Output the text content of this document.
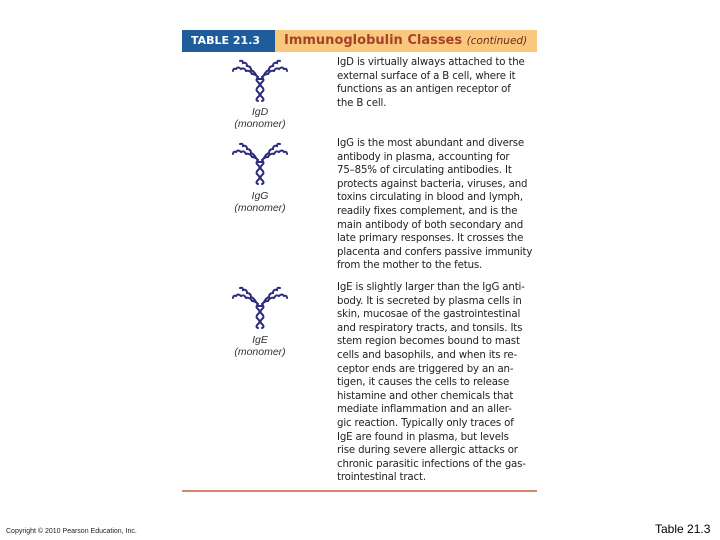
TABLE 21.3	Immunoglobulin Classes (continued)
IgD
(monomer)
IgD is virtually always attached to the
external surface of a B cell, where it
functions as an antigen receptor of
the B cell.
IgG
(monomer)
IgG is the most abundant and diverse
antibody in plasma, accounting for
75–85% of circulating antibodies. It
protects against bacteria, viruses, and
toxins circulating in blood and lymph,
readily fixes complement, and is the
main antibody of both secondary and
late primary responses. It crosses the
placenta and confers passive immunity
from the mother to the fetus.
IgE
(monomer)
IgE is slightly larger than the IgG anti-
body. It is secreted by plasma cells in
skin, mucosae of the gastrointestinal
and respiratory tracts, and tonsils. Its
stem region becomes bound to mast
cells and basophils, and when its re-
ceptor ends are triggered by an an-
tigen, it causes the cells to release
histamine and other chemicals that
mediate inflammation and an aller-
gic reaction. Typically only traces of
IgE are found in plasma, but levels
rise during severe allergic attacks or
chronic parasitic infections of the gas-
trointestinal tract.
Copyright © 2010 Pearson Education, Inc.	Table 21.3
